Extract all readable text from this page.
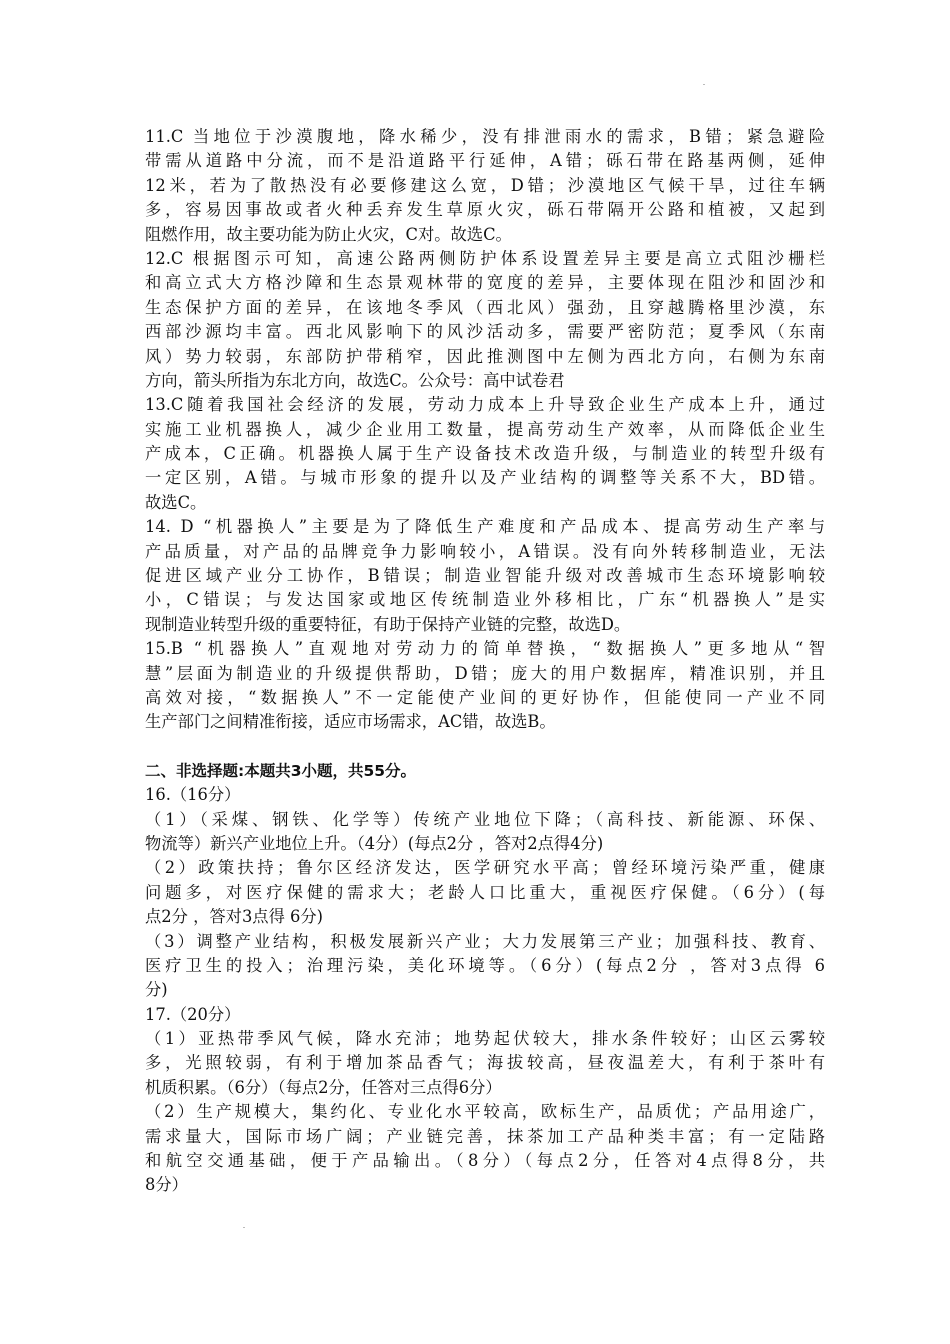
11.C 当地位于沙漠腹地，降水稀少，没有排泄雨水的需求，B错；紧急避险
带需从道路中分流，而不是沿道路平行延伸，A错；砾石带在路基两侧，延伸
12米，若为了散热没有必要修建这么宽，D错；沙漠地区气候干旱，过往车辆
多，容易因事故或者火种丢弃发生草原火灾，砾石带隔开公路和植被，又起到
阻燃作用，故主要功能为防止火灾，C对。故选C。
12.C 根据图示可知，高速公路两侧防护体系设置差异主要是高立式阻沙栅栏
和高立式大方格沙障和生态景观林带的宽度的差异，主要体现在阻沙和固沙和
生态保护方面的差异，在该地冬季风（西北风）强劲，且穿越腾格里沙漠，东
西部沙源均丰富。西北风影响下的风沙活动多，需要严密防范；夏季风（东南
风）势力较弱，东部防护带稍窄，因此推测图中左侧为西北方向，右侧为东南
方向，箭头所指为东北方向，故选C。公众号：高中试卷君
13.C随着我国社会经济的发展，劳动力成本上升导致企业生产成本上升，通过
实施工业机器换人，减少企业用工数量，提高劳动生产效率，从而降低企业生
产成本，C正确。机器换人属于生产设备技术改造升级，与制造业的转型升级有
一定区别，A错。与城市形象的提升以及产业结构的调整等关系不大，BD错。
故选C。
14. D “机器换人”主要是为了降低生产难度和产品成本、提高劳动生产率与
产品质量，对产品的品牌竞争力影响较小，A错误。没有向外转移制造业，无法
促进区域产业分工协作，B错误；制造业智能升级对改善城市生态环境影响较
小，C错误；与发达国家或地区传统制造业外移相比，广东“机器换人”是实
现制造业转型升级的重要特征，有助于保持产业链的完整，故选D。
15.B “机器换人”直观地对劳动力的简单替换，“数据换人”更多地从“智
慧”层面为制造业的升级提供帮助，D错；庞大的用户数据库，精准识别，并且
高效对接，“数据换人”不一定能使产业间的更好协作，但能使同一产业不同
生产部门之间精准衔接，适应市场需求，AC错，故选B。
二、非选择题:本题共3小题，共55分。
16.（16分）
（1）（采煤、钢铁、化学等）传统产业地位下降；（高科技、新能源、环保、
物流等）新兴产业地位上升。（4分）(每点2分 ，答对2点得4分)
（2）政策扶持；鲁尔区经济发达，医学研究水平高；曾经环境污染严重，健康
问题多，对医疗保健的需求大；老龄人口比重大，重视医疗保健。（6分）(每
点2分 ，答对3点得 6分)
（3）调整产业结构，积极发展新兴产业；大力发展第三产业；加强科技、教育、
医疗卫生的投入；治理污染，美化环境等。（6分）(每点2分 ，答对3点得 6
分)
17.（20分）
（1）亚热带季风气候，降水充沛；地势起伏较大，排水条件较好；山区云雾较
多，光照较弱，有利于增加茶品香气；海拔较高，昼夜温差大，有利于茶叶有
机质积累。（6分）（每点2分，任答对三点得6分）
（2）生产规模大，集约化、专业化水平较高，欧标生产，品质优；产品用途广，
需求量大，国际市场广阔；产业链完善，抹茶加工产品种类丰富；有一定陆路
和航空交通基础，便于产品输出。（8分）（每点2分，任答对4点得8分，共
8分）
